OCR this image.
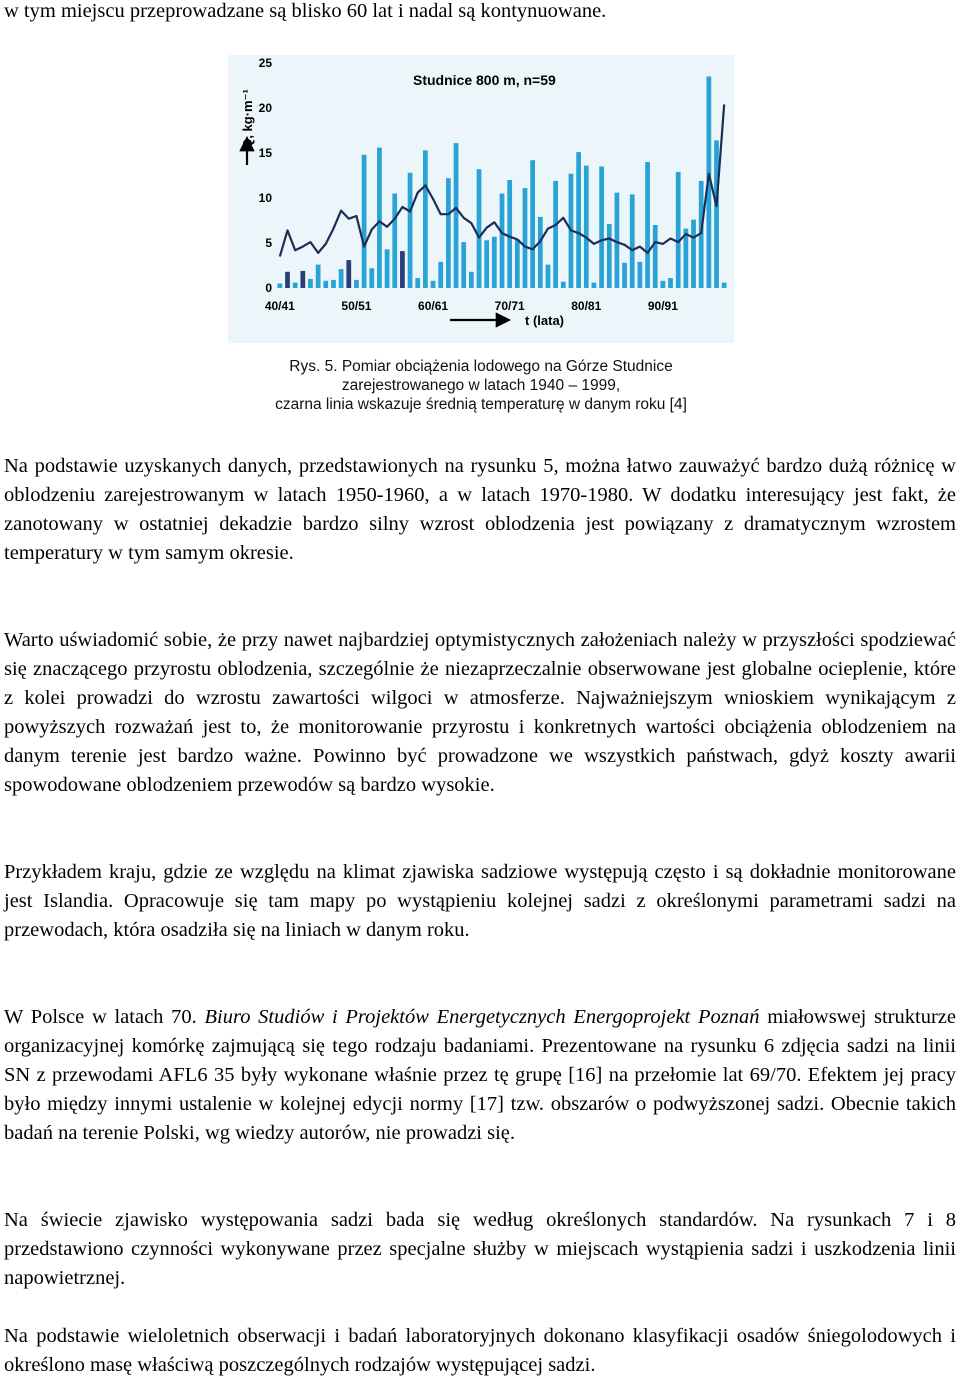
w tym miejscu przeprowadzane są blisko 60 lat i nadal są kontynuowane.

0
5
10
15
20
25
40/41	50/51	60/61	70/71	80/81	90/91
Q, kg·m⁻¹
t (lata)
Studnice 800 m, n=59
Rys. 5. Pomiar obciążenia lodowego na Górze Studnice
zarejestrowanego w latach 1940 – 1999,
czarna linia wskazuje średnią temperaturę w danym roku [4]

Na podstawie uzyskanych danych, przedstawionych na rysunku 5, można łatwo zauważyć bardzo dużą różnicę w oblodzeniu zarejestrowanym w latach 1950-1960, a w latach 1970-1980. W dodatku interesujący jest fakt, że zanotowany w ostatniej dekadzie bardzo silny wzrost oblodzenia jest powiązany z dramatycznym wzrostem temperatury w tym samym okresie.

Warto uświadomić sobie, że przy nawet najbardziej optymistycznych założeniach należy w przyszłości spodziewać się znaczącego przyrostu oblodzenia, szczególnie że niezaprzeczalnie obserwowane jest globalne ocieplenie, które z kolei prowadzi do wzrostu zawartości wilgoci w atmosferze. Najważniejszym wnioskiem wynikającym z powyższych rozważań jest to, że monitorowanie przyrostu i konkretnych wartości obciążenia oblodzeniem na danym terenie jest bardzo ważne. Powinno być prowadzone we wszystkich państwach, gdyż koszty awarii spowodowane oblodzeniem przewodów są bardzo wysokie.

Przykładem kraju, gdzie ze względu na klimat zjawiska sadziowe występują często i są dokładnie monitorowane jest Islandia. Opracowuje się tam mapy po wystąpieniu kolejnej sadzi z określonymi parametrami sadzi na przewodach, która osadziła się na liniach w danym roku.

W Polsce w latach 70. Biuro Studiów i Projektów Energetycznych Energoprojekt Poznań miałowswej strukturze organizacyjnej komórkę zajmującą się tego rodzaju badaniami. Prezentowane na rysunku 6 zdjęcia sadzi na linii SN z przewodami AFL6 35 były wykonane właśnie przez tę grupę [16] na przełomie lat 69/70. Efektem jej pracy było między innymi ustalenie w kolejnej edycji normy [17] tzw. obszarów o podwyższonej sadzi. Obecnie takich badań na terenie Polski, wg wiedzy autorów, nie prowadzi się.

Na świecie zjawisko występowania sadzi bada się według określonych standardów. Na rysunkach 7 i 8 przedstawiono czynności wykonywane przez specjalne służby w miejscach wystąpienia sadzi i uszkodzenia linii napowietrznej.

Na podstawie wieloletnich obserwacji i badań laboratoryjnych dokonano klasyfikacji osadów śniegolodowych i określono masę właściwą poszczególnych rodzajów występującej sadzi.
